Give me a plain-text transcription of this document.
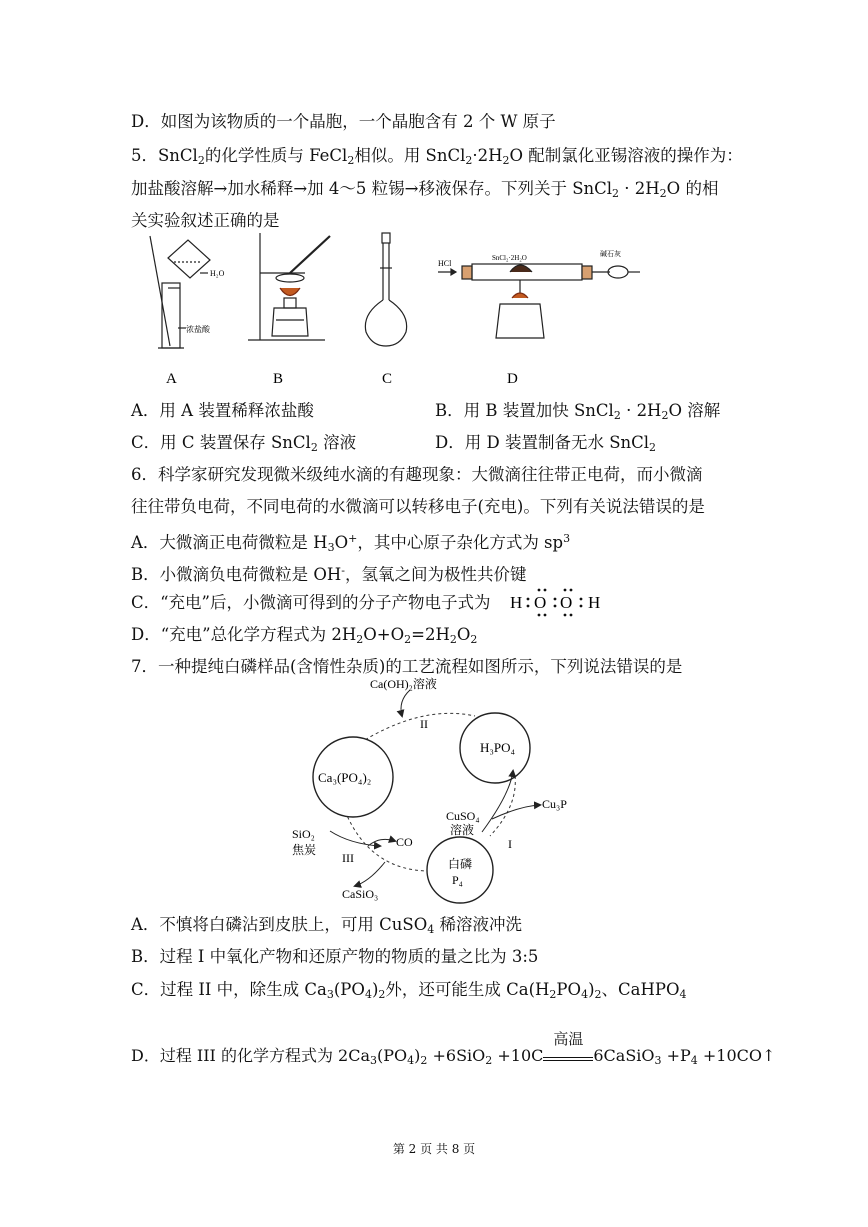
D．如图为该物质的一个晶胞，一个晶胞含有 2 个 W 原子
5．SnCl$_2$的化学性质与 FeCl$_2$相似。用 $SnCl_2\cdot 2H_2O$ 配制氯化亚锡溶液的操作为：
加盐酸溶解→加水稀释→加 4～5 粒锡→移液保存。下列关于 SnCl$_2$ · $2H_2O$ 的相
关实验叙述正确的是
H₂O
浓盐酸
HCl
SnCl₂·2H₂O	碱石灰
A	B	C	D
A．用 A 装置稀释浓盐酸	B．用 B 装置加快 SnCl$_2$ · $2H_2O$ 溶解
C．用 C 装置保存 SnCl$_2$ 溶液	D．用 D 装置制备无水 SnCl$_2$
6．科学家研究发现微米级纯水滴的有趣现象：大微滴往往带正电荷，而小微滴
往往带负电荷，不同电荷的水微滴可以转移电子(充电)。下列有关说法错误的是
A．大微滴正电荷微粒是 $H_3O^+$，其中心原子杂化方式为 $sp^3$
B．小微滴负电荷微粒是 OH-，氢氧之间为极性共价键
C．“充电”后，小微滴可得到的分子产物电子式为 H O O H
D．“充电”总化学方程式为 $2H_2O+O_2=2H_2O_2$
7．一种提纯白磷样品(含惰性杂质)的工艺流程如图所示，下列说法错误的是
Ca(OH)₂溶液
II
H₃PO₄
Ca₃(PO₄)₂
CuSO₄
溶液
Cu₃P
I
SiO₂
焦炭
III
CO
CaSiO₃
白磷
P₄
A．不慎将白磷沾到皮肤上，可用 CuSO$_4$ 稀溶液冲洗
B．过程 I 中氧化产物和还原产物的物质的量之比为 3:5
C．过程 II 中，除生成 $Ca_3(PO_4)_2$外，还可能生成 $Ca(H_2PO_4)_2$、CaHPO$_4$
D．过程 III 的化学方程式为 $2Ca_3(PO_4)_2 +6SiO_2 +10C$
高温
6CaSiO$_3$ $+P_4$ +10CO↑
第 2 页 共 8 页
